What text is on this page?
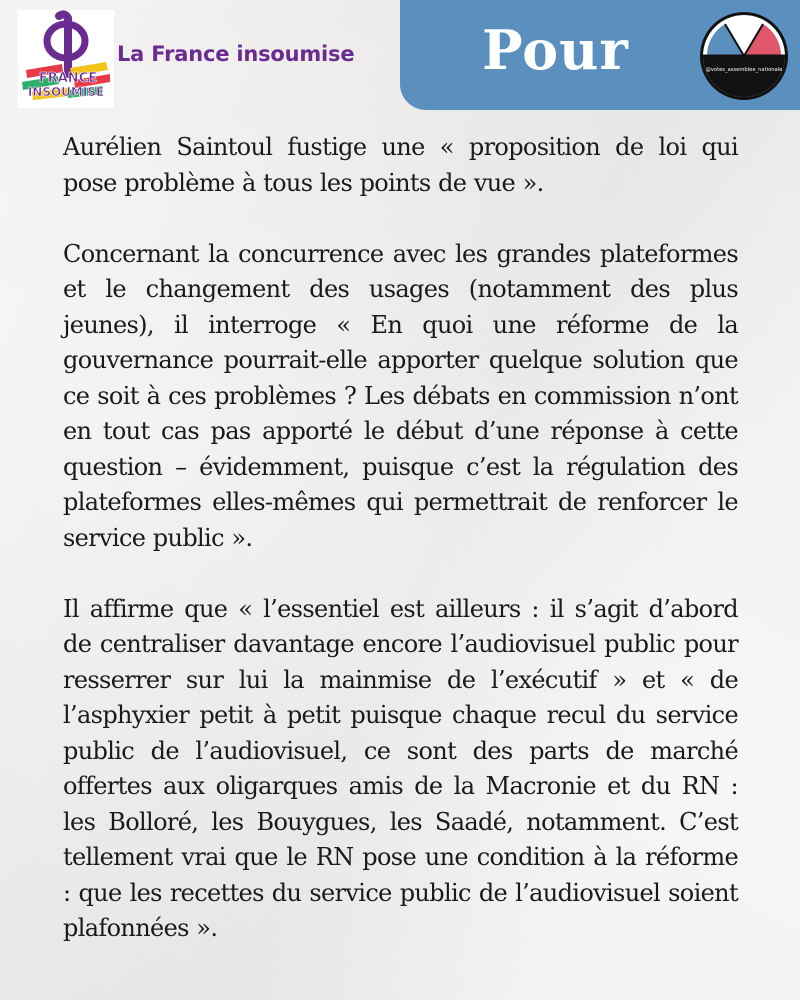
FRANCE
INSOUMISE
La France insoumise Pour	@votes_assemblee_nationale

Aurélien Saintoul fustige une « proposition de loi qui pose problème à tous les points de vue ».

Concernant la concurrence avec les grandes plateformes et le changement des usages (notamment des plus jeunes), il interroge « En quoi une réforme de la gouvernance pourrait-elle apporter quelque solution que ce soit à ces problèmes ? Les débats en commission n’ont en tout cas pas apporté le début d’une réponse à cette question – évidemment, puisque c’est la régulation des plateformes elles-mêmes qui permettrait de renforcer le service public ».

Il affirme que « l’essentiel est ailleurs : il s’agit d’abord de centraliser davantage encore l’audiovisuel public pour resserrer sur lui la mainmise de l’exécutif » et « de l’asphyxier petit à petit puisque chaque recul du service public de l’audiovisuel, ce sont des parts de marché offertes aux oligarques amis de la Macronie et du RN : les Bolloré, les Bouygues, les Saadé, notamment. C’est tellement vrai que le RN pose une condition à la réforme : que les recettes du service public de l’audiovisuel soient plafonnées ».
